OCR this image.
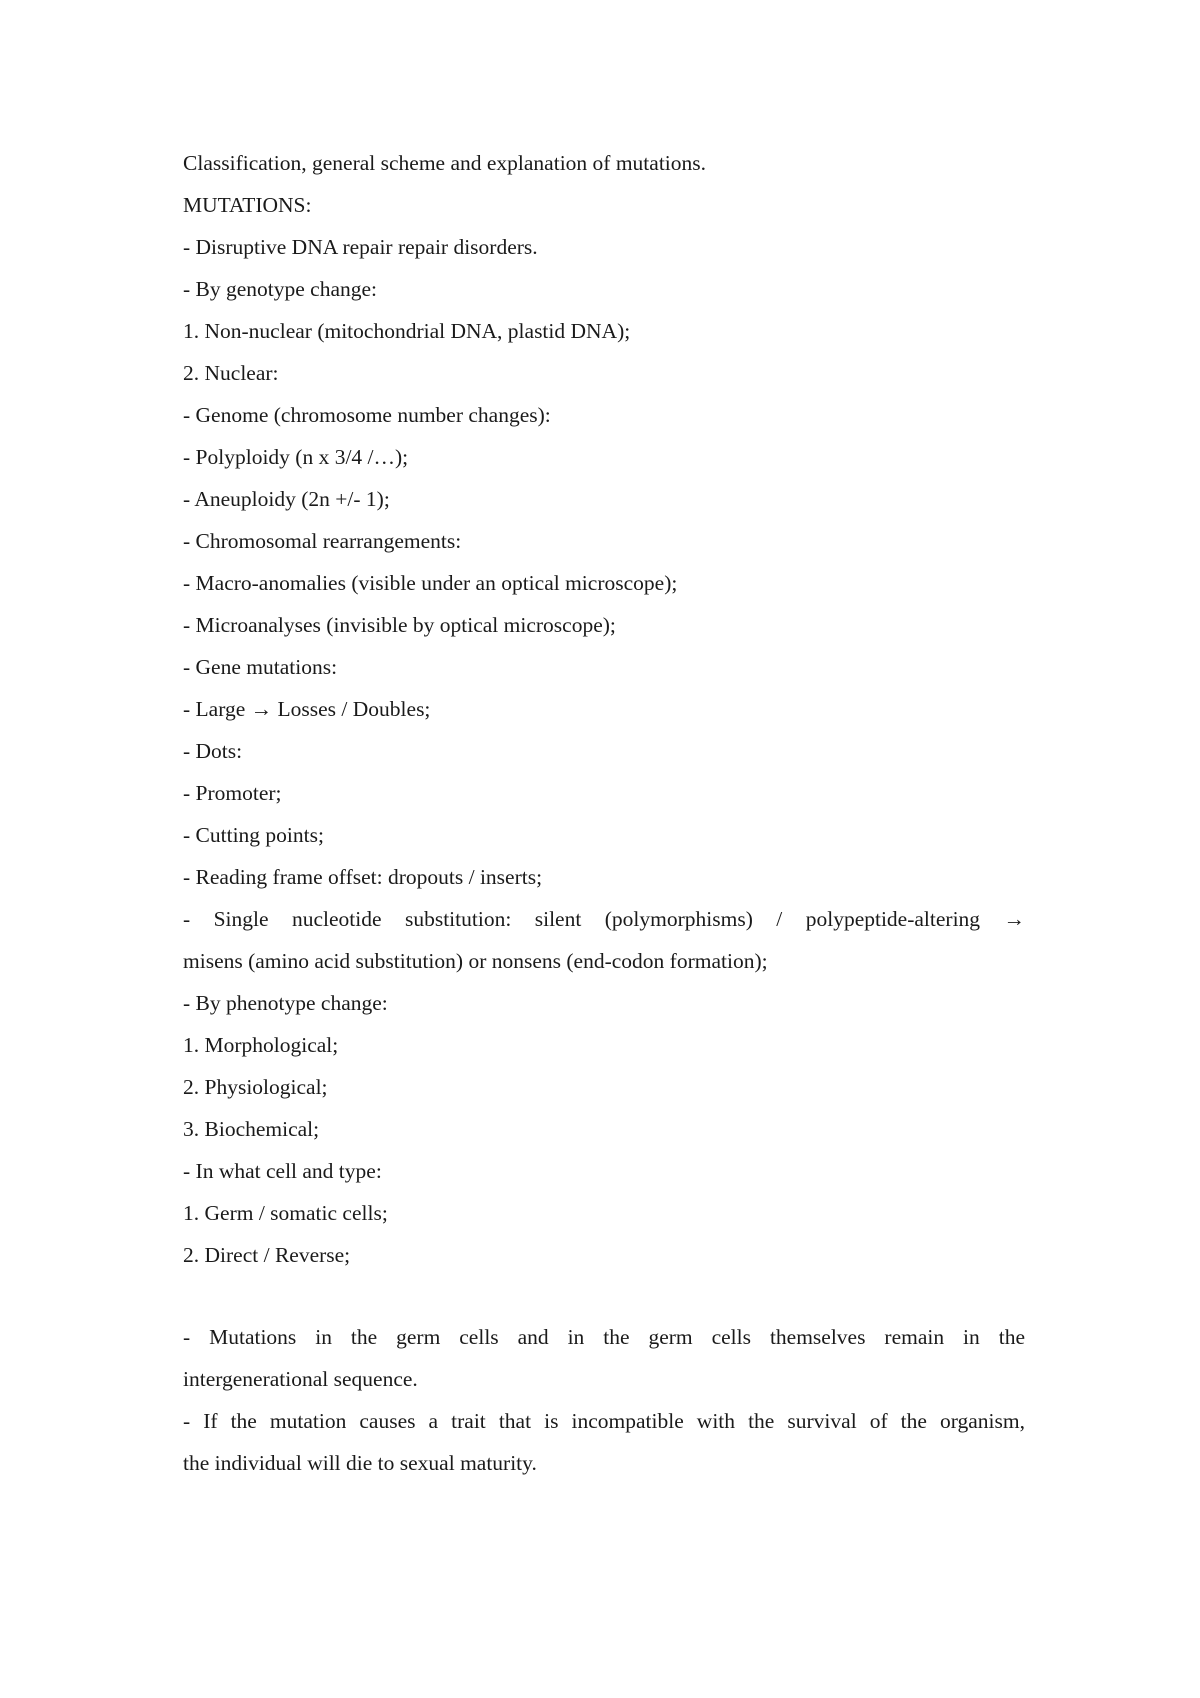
Classification, general scheme and explanation of mutations.

MUTATIONS:

- Disruptive DNA repair repair disorders.

- By genotype change:

1. Non-nuclear (mitochondrial DNA, plastid DNA);

2. Nuclear:

- Genome (chromosome number changes):

- Polyploidy (n x 3/4 /…);

- Aneuploidy (2n +/- 1);

- Chromosomal rearrangements:

- Macro-anomalies (visible under an optical microscope);

- Microanalyses (invisible by optical microscope);

- Gene mutations:

- Large → Losses / Doubles;

- Dots:

- Promoter;

- Cutting points;

- Reading frame offset: dropouts / inserts;

- Single nucleotide substitution: silent (polymorphisms) / polypeptide-altering →

misens (amino acid substitution) or nonsens (end-codon formation);

- By phenotype change:

1. Morphological;

2. Physiological;

3. Biochemical;

- In what cell and type:

1. Germ / somatic cells;

2. Direct / Reverse;

- Mutations in the germ cells and in the germ cells themselves remain in the

intergenerational sequence.

- If the mutation causes a trait that is incompatible with the survival of the organism,

the individual will die to sexual maturity.
